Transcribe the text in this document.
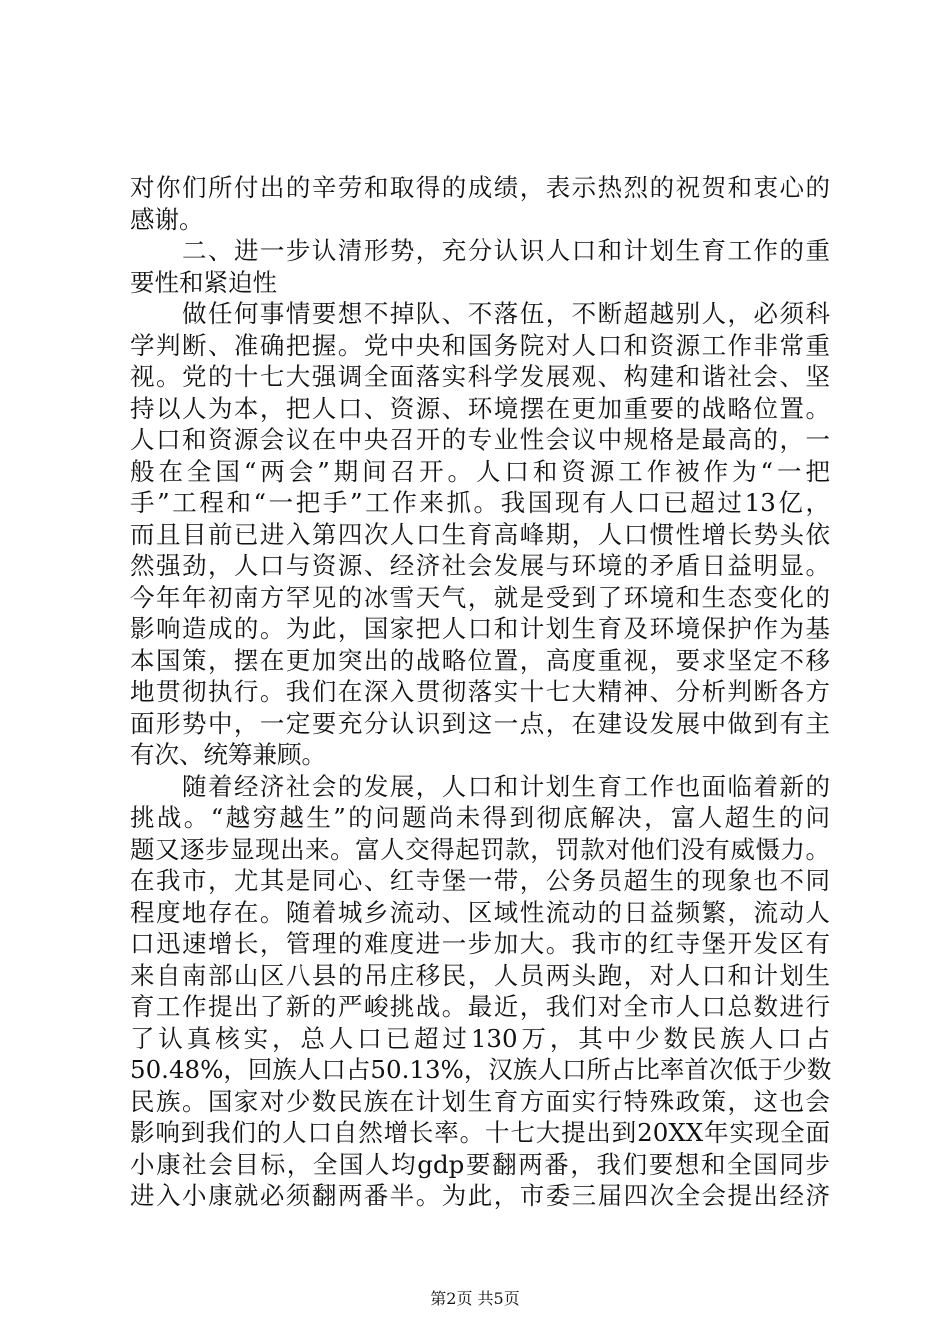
对你们所付出的辛劳和取得的成绩，表示热烈的祝贺和衷心的
感谢。
二、进一步认清形势，充分认识人口和计划生育工作的重
要性和紧迫性
做任何事情要想不掉队、不落伍，不断超越别人，必须科
学判断、准确把握。党中央和国务院对人口和资源工作非常重
视。党的十七大强调全面落实科学发展观、构建和谐社会、坚
持以人为本，把人口、资源、环境摆在更加重要的战略位置。
人口和资源会议在中央召开的专业性会议中规格是最高的，一
般在全国“两会”期间召开。人口和资源工作被作为“一把
手”工程和“一把手”工作来抓。我国现有人口已超过13亿，
而且目前已进入第四次人口生育高峰期，人口惯性增长势头依
然强劲，人口与资源、经济社会发展与环境的矛盾日益明显。
今年年初南方罕见的冰雪天气，就是受到了环境和生态变化的
影响造成的。为此，国家把人口和计划生育及环境保护作为基
本国策，摆在更加突出的战略位置，高度重视，要求坚定不移
地贯彻执行。我们在深入贯彻落实十七大精神、分析判断各方
面形势中，一定要充分认识到这一点，在建设发展中做到有主
有次、统筹兼顾。
随着经济社会的发展，人口和计划生育工作也面临着新的
挑战。“越穷越生”的问题尚未得到彻底解决，富人超生的问
题又逐步显现出来。富人交得起罚款，罚款对他们没有威慑力。
在我市，尤其是同心、红寺堡一带，公务员超生的现象也不同
程度地存在。随着城乡流动、区域性流动的日益频繁，流动人
口迅速增长，管理的难度进一步加大。我市的红寺堡开发区有
来自南部山区八县的吊庄移民，人员两头跑，对人口和计划生
育工作提出了新的严峻挑战。最近，我们对全市人口总数进行
了认真核实，总人口已超过130万，其中少数民族人口占
50.48%，回族人口占50.13%，汉族人口所占比率首次低于少数
民族。国家对少数民族在计划生育方面实行特殊政策，这也会
影响到我们的人口自然增长率。十七大提出到20XX年实现全面
小康社会目标，全国人均gdp要翻两番，我们要想和全国同步
进入小康就必须翻两番半。为此，市委三届四次全会提出经济
第2页 共5页
